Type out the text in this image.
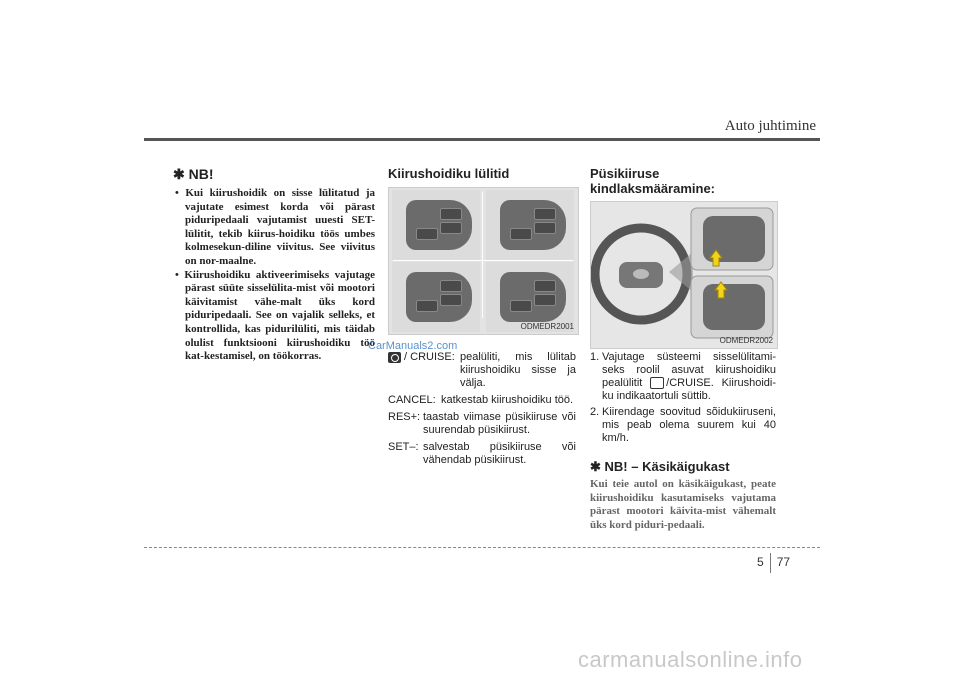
Auto juhtimine
✱ NB!
• Kui kiirushoidik on sisse lülitatud ja vajutate esimest korda või pärast piduripedaali vajutamist uuesti SET-lülitit, tekib kiirus-hoidiku töös umbes kolmesekun-diline viivitus. See viivitus on nor-maalne.
• Kiirushoidiku aktiveerimiseks vajutage pärast süüte sisselülita-mist või mootori käivitamist vähe-malt üks kord piduripedaali. See on vajalik selleks, et kontrollida, kas pidurilüliti, mis täidab olulist funktsiooni kiirushoidiku töö kat-kestamisel, on töökorras.
Kiirushoidiku lülitid
ODMEDR2001
/ CRUISE: pealüliti, mis lülitab kiirushoidiku sisse ja välja.
CANCEL: katkestab kiirushoidiku töö.
RES+: taastab viimase püsikiiruse või suurendab püsikiirust.
SET–: salvestab püsikiiruse või vähendab püsikiirust.
Püsikiiruse
kindlaksmääramine:
ODMEDR2002
1. Vajutage süsteemi sisselülitami-seks roolil asuvat kiirushoidiku pealülitit /CRUISE. Kiirushoidi-ku indikaatortuli süttib.
2. Kiirendage soovitud sõidukiiruseni, mis peab olema suurem kui 40 km/h.
✱ NB! – Käsikäigukast
Kui teie autol on käsikäigukast, peate kiirushoidiku kasutamiseks vajutama pärast mootori käivita-mist vähemalt üks kord piduri-pedaali.
5 77
CarManuals2.com
carmanualsonline.info
